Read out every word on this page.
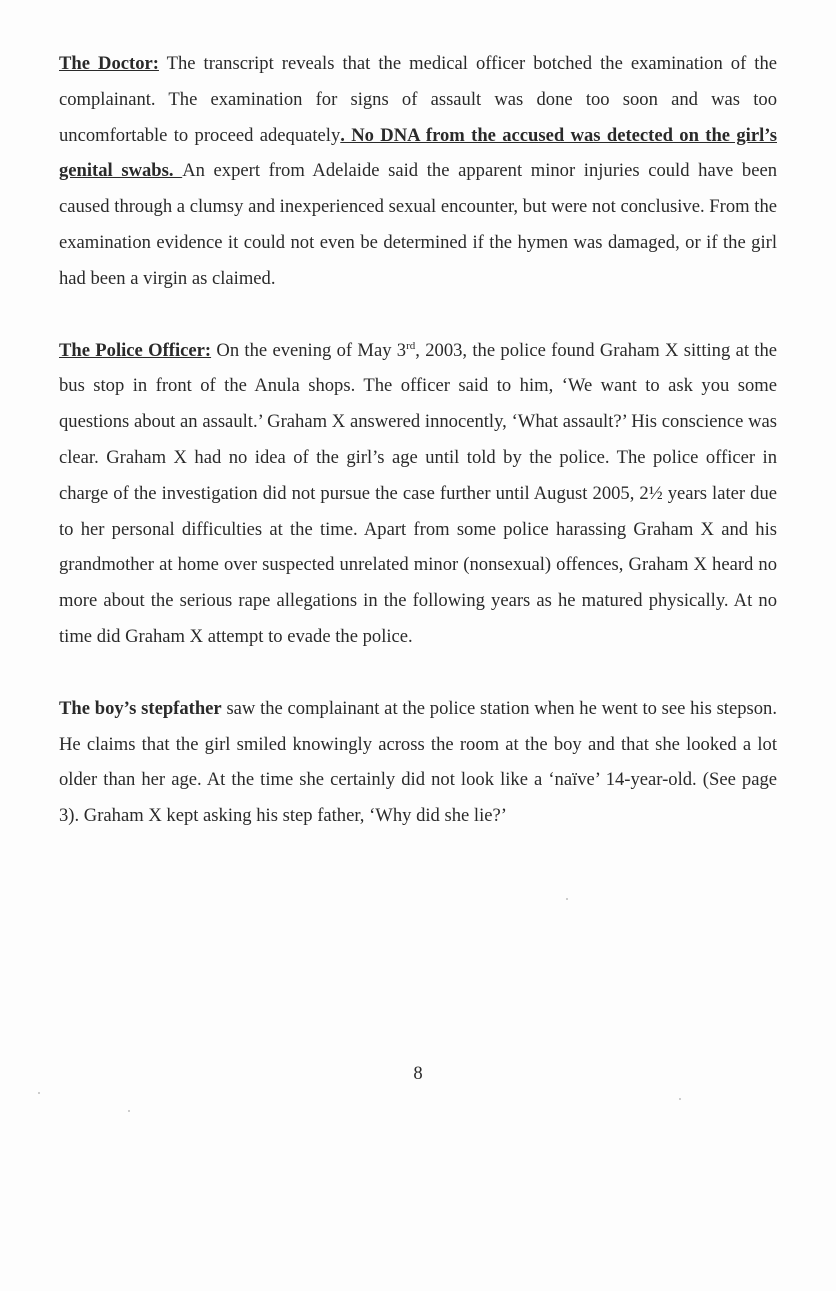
The Doctor: The transcript reveals that the medical officer botched the examination of the complainant. The examination for signs of assault was done too soon and was too uncomfortable to proceed adequately. No DNA from the accused was detected on the girl’s genital swabs. An expert from Adelaide said the apparent minor injuries could have been caused through a clumsy and inexperienced sexual encounter, but were not conclusive. From the examination evidence it could not even be determined if the hymen was damaged, or if the girl had been a virgin as claimed.

The Police Officer: On the evening of May 3rd, 2003, the police found Graham X sitting at the bus stop in front of the Anula shops. The officer said to him, ‘We want to ask you some questions about an assault.’ Graham X answered innocently, ‘What assault?’ His conscience was clear. Graham X had no idea of the girl’s age until told by the police. The police officer in charge of the investigation did not pursue the case further until August 2005, 2½ years later due to her personal difficulties at the time. Apart from some police harassing Graham X and his grandmother at home over suspected unrelated minor (nonsexual) offences, Graham X heard no more about the serious rape allegations in the following years as he matured physically. At no time did Graham X attempt to evade the police.

The boy’s stepfather saw the complainant at the police station when he went to see his stepson. He claims that the girl smiled knowingly across the room at the boy and that she looked a lot older than her age. At the time she certainly did not look like a ‘naïve’ 14-year-old. (See page 3). Graham X kept asking his step father, ‘Why did she lie?’

8
